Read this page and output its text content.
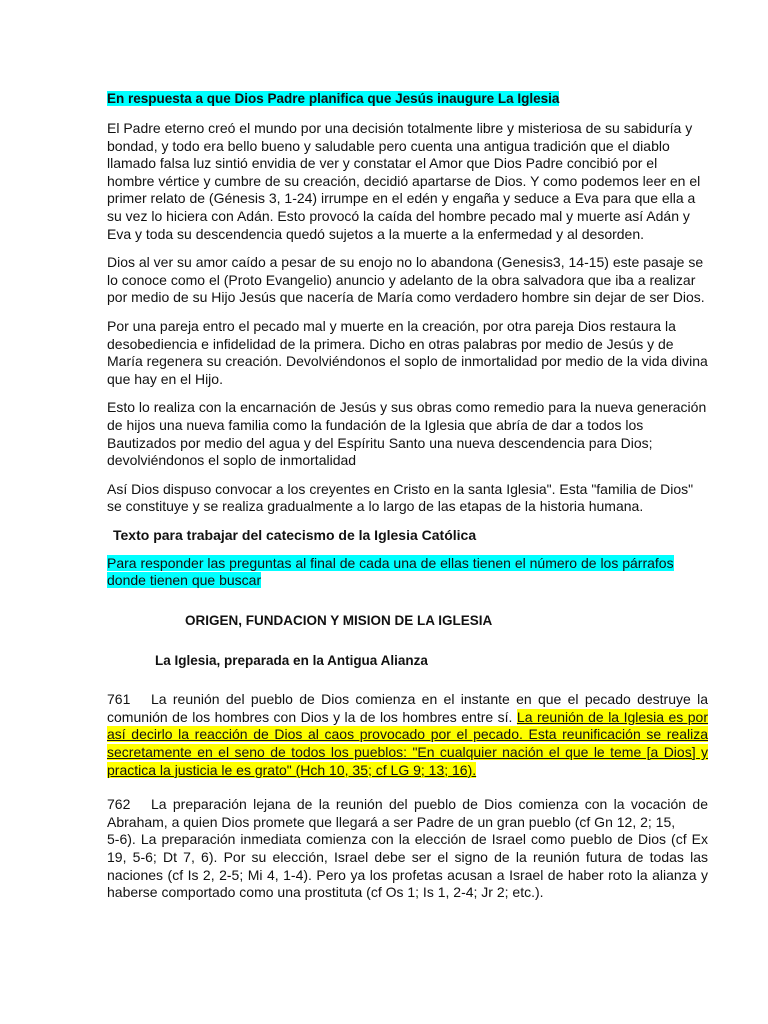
En respuesta a que Dios Padre planifica que Jesús inaugure La Iglesia

El Padre eterno creó el mundo por una decisión totalmente libre y misteriosa de su sabiduría y bondad, y todo era bello bueno y saludable pero cuenta una antigua tradición que el diablo llamado falsa luz sintió envidia de ver y constatar el Amor que Dios Padre concibió por el hombre vértice y cumbre de su creación, decidió apartarse de Dios. Y como podemos leer en el primer relato de (Génesis 3, 1-24) irrumpe en el edén y engaña y seduce a Eva para que ella a su vez lo hiciera con Adán. Esto provocó la caída del hombre pecado mal y muerte así Adán y Eva y toda su descendencia quedó sujetos a la muerte a la enfermedad y al desorden.

Dios al ver su amor caído a pesar de su enojo no lo abandona (Genesis3, 14-15) este pasaje se lo conoce como el (Proto Evangelio) anuncio y adelanto de la obra salvadora que iba a realizar por medio de su Hijo Jesús que nacería de María como verdadero hombre sin dejar de ser Dios.

Por una pareja entro el pecado mal y muerte en la creación, por otra pareja Dios restaura la desobediencia e infidelidad de la primera. Dicho en otras palabras por medio de Jesús y de María regenera su creación. Devolviéndonos el soplo de inmortalidad por medio de la vida divina que hay en el Hijo.

Esto lo realiza con la encarnación de Jesús y sus obras como remedio para la nueva generación de hijos una nueva familia como la fundación de la Iglesia que abría de dar a todos los Bautizados por medio del agua y del Espíritu Santo una nueva descendencia para Dios; devolviéndonos el soplo de inmortalidad

Así Dios dispuso convocar a los creyentes en Cristo en la santa Iglesia". Esta "familia de Dios" se constituye y se realiza gradualmente a lo largo de las etapas de la historia humana.

Texto para trabajar del catecismo de la Iglesia Católica

Para responder las preguntas al final de cada una de ellas tienen el número de los párrafos donde tienen que buscar

ORIGEN, FUNDACION Y MISION DE LA IGLESIA

La Iglesia, preparada en la Antigua Alianza

761 La reunión del pueblo de Dios comienza en el instante en que el pecado destruye la comunión de los hombres con Dios y la de los hombres entre sí. La reunión de la Iglesia es por así decirlo la reacción de Dios al caos provocado por el pecado. Esta reunificación se realiza secretamente en el seno de todos los pueblos: "En cualquier nación el que le teme [a Dios] y practica la justicia le es grato" (Hch 10, 35; cf LG 9; 13; 16).

762 La preparación lejana de la reunión del pueblo de Dios comienza con la vocación de Abraham, a quien Dios promete que llegará a ser Padre de un gran pueblo (cf Gn 12, 2; 15,
5-6). La preparación inmediata comienza con la elección de Israel como pueblo de Dios (cf Ex 19, 5-6; Dt 7, 6). Por su elección, Israel debe ser el signo de la reunión futura de todas las naciones (cf Is 2, 2-5; Mi 4, 1-4). Pero ya los profetas acusan a Israel de haber roto la alianza y haberse comportado como una prostituta (cf Os 1; Is 1, 2-4; Jr 2; etc.).
